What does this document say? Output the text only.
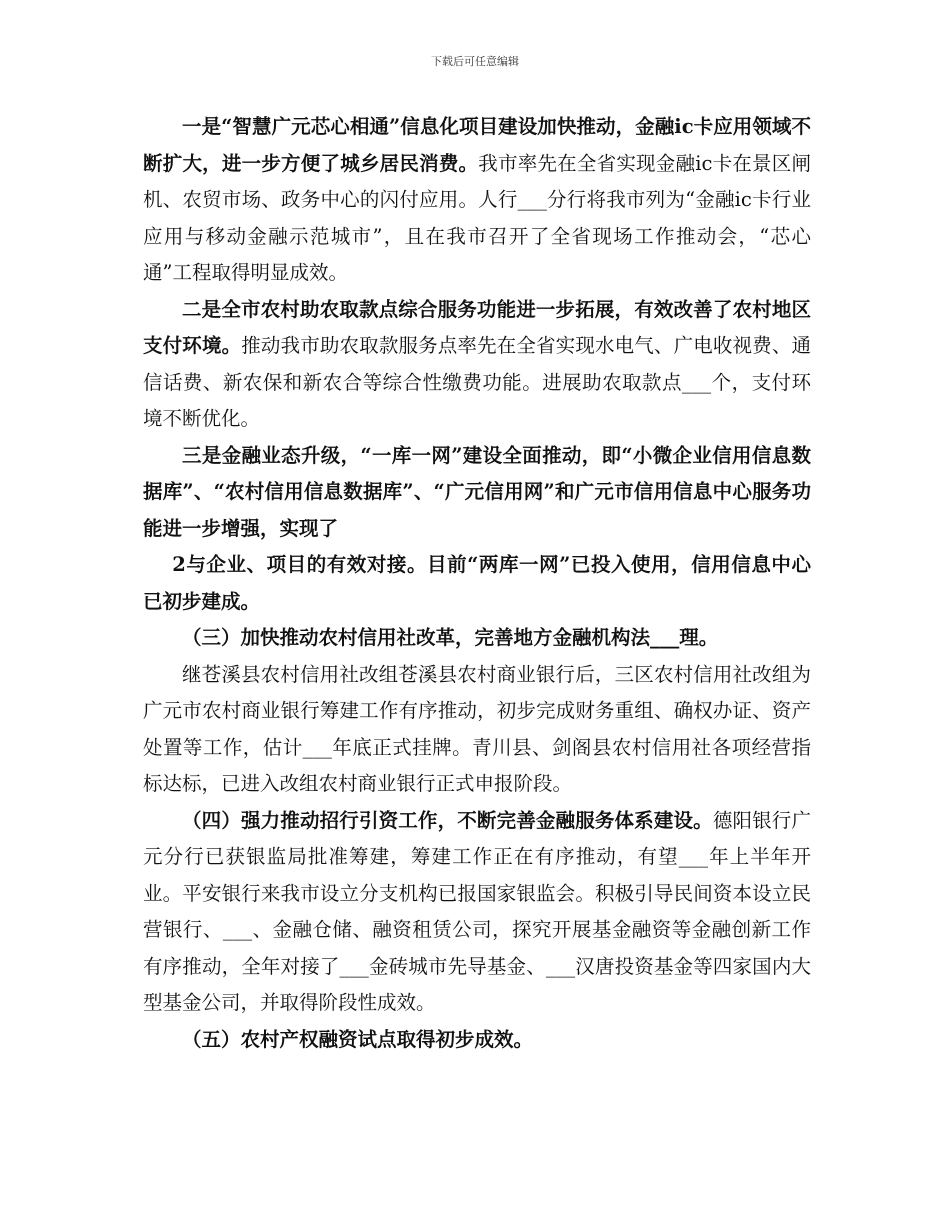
下载后可任意编辑

一是“智慧广元芯心相通”信息化项目建设加快推动，金融ic卡应用领域不断扩大，进一步方便了城乡居民消费。我市率先在全省实现金融ic卡在景区闸机、农贸市场、政务中心的闪付应用。人行___分行将我市列为“金融ic卡行业应用与移动金融示范城市”，且在我市召开了全省现场工作推动会，“芯心通”工程取得明显成效。

二是全市农村助农取款点综合服务功能进一步拓展，有效改善了农村地区支付环境。推动我市助农取款服务点率先在全省实现水电气、广电收视费、通信话费、新农保和新农合等综合性缴费功能。进展助农取款点___个，支付环境不断优化。

三是金融业态升级，“一库一网”建设全面推动，即“小微企业信用信息数据库”、“农村信用信息数据库”、“广元信用网”和广元市信用信息中心服务功能进一步增强，实现了

2与企业、项目的有效对接。目前“两库一网”已投入使用，信用信息中心已初步建成。

（三）加快推动农村信用社改革，完善地方金融机构法___理。

继苍溪县农村信用社改组苍溪县农村商业银行后，三区农村信用社改组为广元市农村商业银行筹建工作有序推动，初步完成财务重组、确权办证、资产处置等工作，估计___年底正式挂牌。青川县、剑阁县农村信用社各项经营指标达标，已进入改组农村商业银行正式申报阶段。

（四）强力推动招行引资工作，不断完善金融服务体系建设。德阳银行广元分行已获银监局批准筹建，筹建工作正在有序推动，有望___年上半年开业。平安银行来我市设立分支机构已报国家银监会。积极引导民间资本设立民营银行、___、金融仓储、融资租赁公司，探究开展基金融资等金融创新工作有序推动，全年对接了___金砖城市先导基金、___汉唐投资基金等四家国内大型基金公司，并取得阶段性成效。

（五）农村产权融资试点取得初步成效。
